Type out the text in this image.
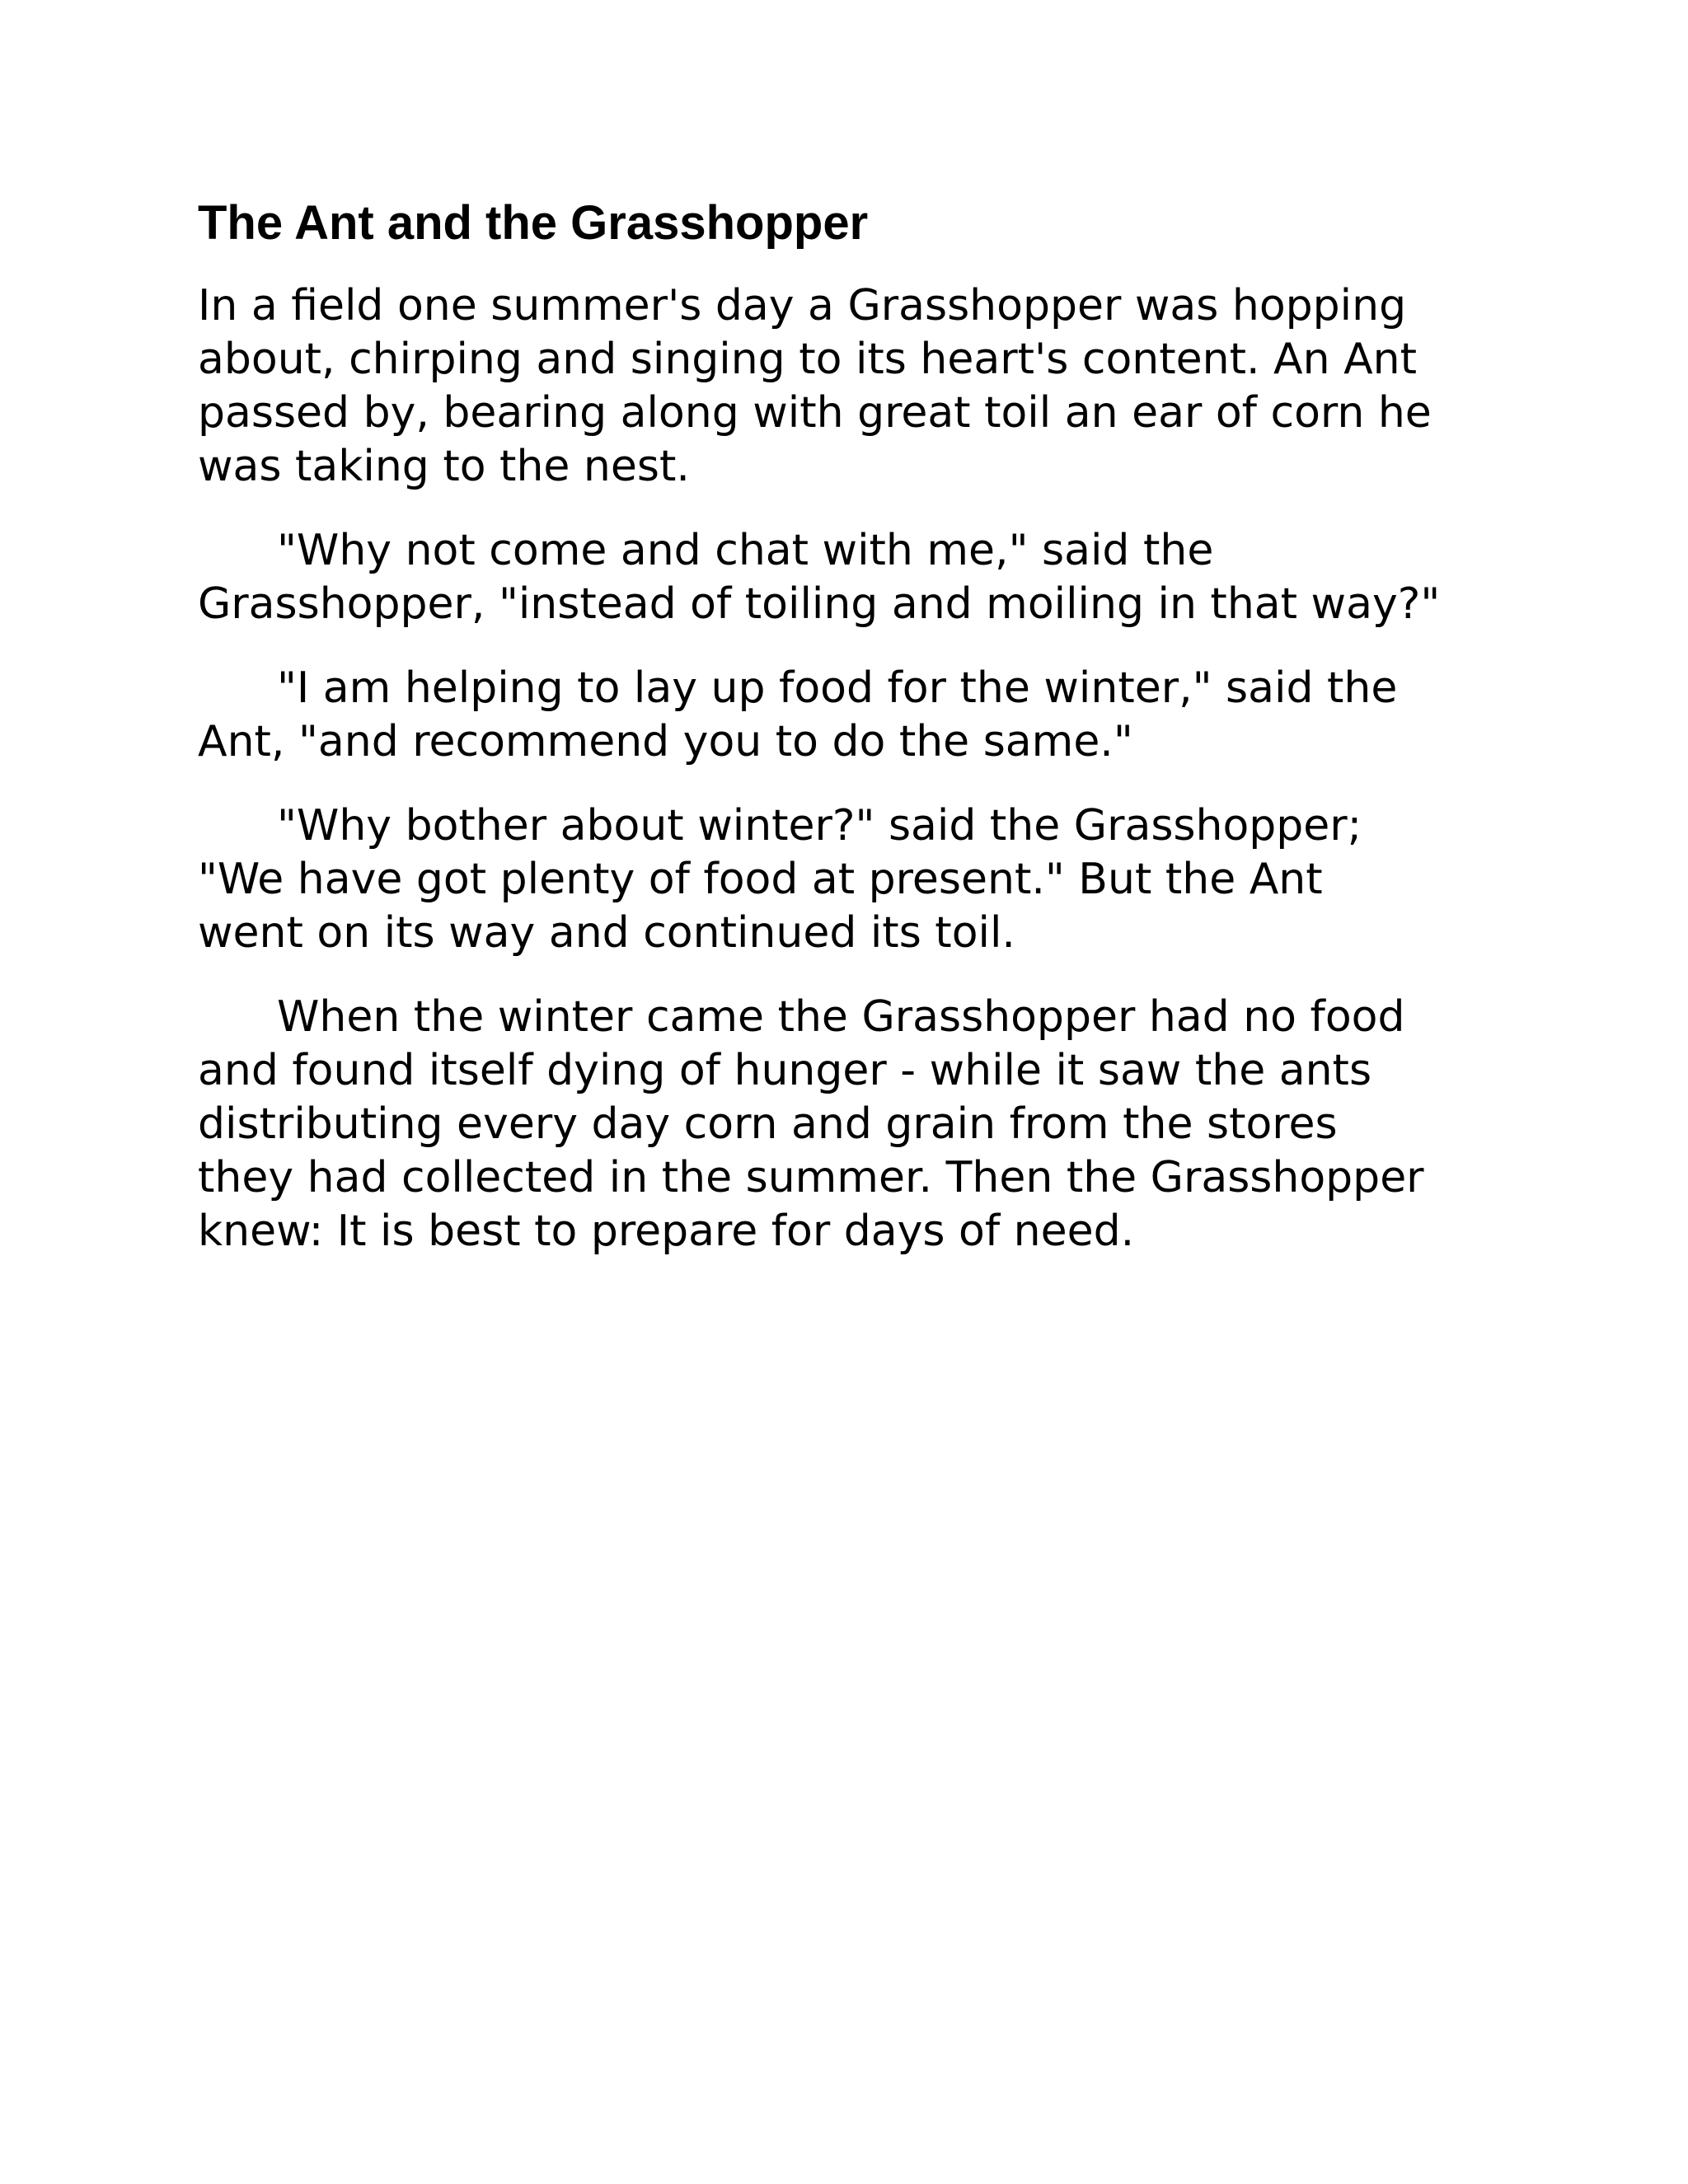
The Ant and the Grasshopper

In a field one summer's day a Grasshopper was hopping
about, chirping and singing to its heart's content. An Ant
passed by, bearing along with great toil an ear of corn he
was taking to the nest.

"Why not come and chat with me," said the
Grasshopper, "instead of toiling and moiling in that way?"

"I am helping to lay up food for the winter," said the
Ant, "and recommend you to do the same."

"Why bother about winter?" said the Grasshopper;
"We have got plenty of food at present." But the Ant
went on its way and continued its toil.

When the winter came the Grasshopper had no food
and found itself dying of hunger - while it saw the ants
distributing every day corn and grain from the stores
they had collected in the summer. Then the Grasshopper
knew: It is best to prepare for days of need.
